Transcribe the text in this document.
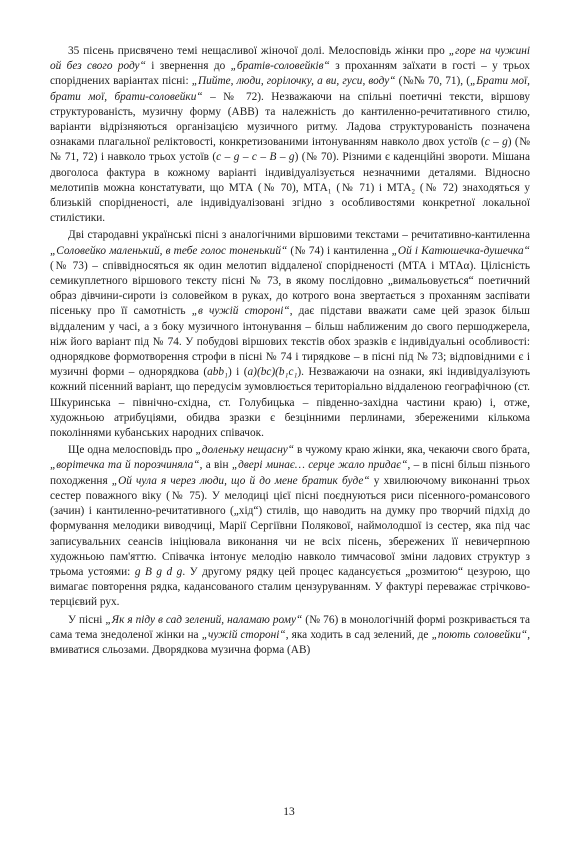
35 пісень присвячено темі нещасливої жіночої долі. Мелосповідь жінки про „горе на чужині ой без свого роду“ і звернення до „братів-соловейків“ з проханням заїхати в гості – у трьох споріднених варіантах пісні: „Пийте, люди, горілочку, а ви, гуси, воду“ (№№ 70, 71), („Брати мої, брати мої, брати-соловейки“ – № 72). Незважаючи на спільні поетичні тексти, віршову структурованість, музичну форму (АВВ) та належність до кантиленно-речитативного стилю, варіанти відрізняються організацією музичного ритму. Ладова структурованість позначена ознаками плагальної реліктовості, конкретизованими інтонуванням навколо двох устоїв (c – g) (№№ 71, 72) і навколо трьох устоїв (c – g – c – B – g) (№ 70). Різними є каденційні звороти. Мішана двоголоса фактура в кожному варіанті індивідуалізується незначними деталями. Відносно мелотипів можна констатувати, що МТА (№ 70), МТА₁ (№ 71) і МТА₂ (№ 72) знаходяться у близькій спорідненості, але індивідуалізовані згідно з особливостями конкретної локальної стилістики.

Дві стародавні українські пісні з аналогічними віршовими текстами – речитативно-кантиленна „Соловейко маленький, в тебе голос тоненький“ (№ 74) і кантиленна „Ой і Катюшечка-душечка“ (№ 73) – співвідносяться як один мелотип віддаленої спорідненості (МТА і МТАα). Цілісність семикуплетного віршового тексту пісні № 73, в якому послідовно „вимальовується“ поетичний образ дівчини-сироти із соловейком в руках, до котрого вона звертається з проханням заспівати пісеньку про її самотність „в чужій стороні“, дає підстави вважати саме цей зразок більш віддаленим у часі, а з боку музичного інтонування – більш наближеним до свого першоджерела, ніж його варіант під № 74. У побудові віршових текстів обох зразків є індивідуальні особливості: однорядкове формотворення строфи в пісні № 74 і тирядкове – в пісні під № 73; відповідними є і музичні форми – однорядкова (abb₁) і (a)(bc)(b₁c₁). Незважаючи на ознаки, які індивідуалізують кожний пісенний варіант, що передусім зумовлюється територіально віддаленою географічною (ст. Шкуринська – північно-східна, ст. Голубицька – південно-західна частини краю) і, отже, художньою атрибуціями, обидва зразки є безцінними перлинами, збереженими кількома поколіннями кубанських народних співачок.

Ще одна мелосповідь про „доленьку нещасну“ в чужому краю жінки, яка, чекаючи свого брата, „ворітечка та й порозчиняла“, а він „двері минає… серце жало придає“, – в пісні більш пізнього походження „Ой чула я через люди, що й до мене братик буде“ у хвилюючому виконанні трьох сестер поважного віку (№ 75). У мелодиці цієї пісні поєднуються риси пісенного-романсового (зачин) і кантиленно-речитативного („хід“) стилів, що наводить на думку про творчий підхід до формування мелодики виводчиці, Марії Сергіївни Полякової, наймолодшої із сестер, яка під час записувальних сеансів ініціювала виконання чи не всіх пісень, збережених її невичерпною художньою пам'яттю. Співачка інтонує мелодію навколо тимчасової зміни ладових структур з трьома устоями: g B g d g. У другому рядку цей процес кадансується „розмитою“ цезурою, що вимагає повторення рядка, кадансованого сталим цензуруванням. У фактурі переважає стрічково-терцієвий рух.

У пісні „Як я піду в сад зелений, наламаю рому“ (№ 76) в монологічній формі розкривається та сама тема знедоленої жінки на „чужій стороні“, яка ходить в сад зелений, де „поють соловейки“, вмиватися сльозами. Дворядкова музична форма (АВ)

13
